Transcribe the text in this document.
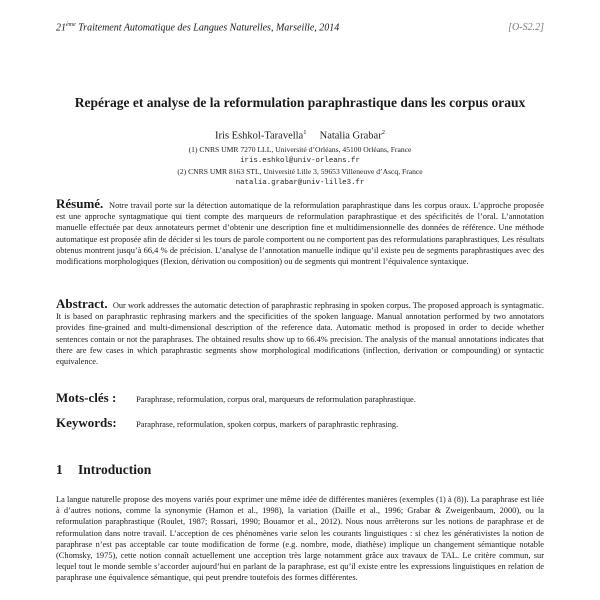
21ème Traitement Automatique des Langues Naturelles, Marseille, 2014	[O-S2.2]
Repérage et analyse de la reformulation paraphrastique dans les corpus oraux
Iris Eshkol-Taravella$^1$ Natalia Grabar$^2$
(1) CNRS UMR 7270 LLL, Université d’Orléans, 45100 Orléans, France
iris.eshkol@univ-orleans.fr
(2) CNRS UMR 8163 STL, Université Lille 3, 59653 Villeneuve d’Ascq, France
natalia.grabar@univ-lille3.fr
Résumé. Notre travail porte sur la détection automatique de la reformulation paraphrastique dans les corpus oraux. L’approche proposée est une approche syntagmatique qui tient compte des marqueurs de reformulation paraphrastique et des spécificités de l’oral. L’annotation manuelle effectuée par deux annotateurs permet d’obtenir une description fine et multidimensionnelle des données de référence. Une méthode automatique est proposée afin de décider si les tours de parole comportent ou ne comportent pas des reformulations paraphrastiques. Les résultats obtenus montrent jusqu’à 66,4 % de précision. L’analyse de l’annotation manuelle indique qu’il existe peu de segments paraphrastiques avec des modifications morphologiques (flexion, dérivation ou composition) ou de segments qui montrent l’équivalence syntaxique.
Abstract. Our work addresses the automatic detection of paraphrastic rephrasing in spoken corpus. The proposed approach is syntagmatic. It is based on paraphrastic rephrasing markers and the specificities of the spoken language. Manual annotation performed by two annotators provides fine-grained and multi-dimensional description of the reference data. Automatic method is proposed in order to decide whether sentences contain or not the paraphrases. The obtained results show up to 66.4% precision. The analysis of the manual annotations indicates that there are few cases in which paraphrastic segments show morphological modifications (inflection, derivation or compounding) or syntactic equivalence.
Mots-clés : Paraphrase, reformulation, corpus oral, marqueurs de reformulation paraphrastique.
Keywords: Paraphrase, reformulation, spoken corpus, markers of paraphrastic rephrasing.
1 Introduction
La langue naturelle propose des moyens variés pour exprimer une même idée de différentes manières (exemples (1) à (8)). La paraphrase est liée à d’autres notions, comme la synonymie (Hamon et al., 1998), la variation (Daille et al., 1996; Grabar & Zweigenbaum, 2000), ou la reformulation paraphrastique (Roulet, 1987; Rossari, 1990; Bouamor et al., 2012). Nous nous arrêterons sur les notions de paraphrase et de reformulation dans notre travail. L’acception de ces phénomènes varie selon les courants linguistiques : si chez les générativistes la notion de paraphrase n’est pas acceptable car toute modification de forme (e.g. nombre, mode, diathèse) implique un changement sémantique notable (Chomsky, 1975), cette notion connaît actuellement une acception très large notamment grâce aux travaux de TAL. Le critère commun, sur lequel tout le monde semble s’accorder aujourd’hui en parlant de la paraphrase, est qu’il existe entre les expressions linguistiques en relation de paraphrase une équivalence sémantique, qui peut prendre toutefois des formes différentes.
